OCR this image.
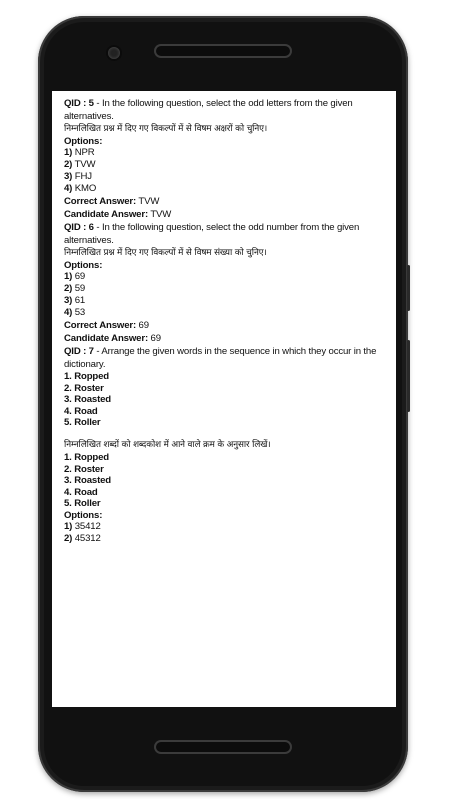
QID : 5 - In the following question, select the odd letters from the given alternatives.
निम्नलिखित प्रश्न में दिए गए विकल्पों में से विषम अक्षरों को चुनिए।
Options:
1) NPR
2) TVW
3) FHJ
4) KMO
Correct Answer: TVW
Candidate Answer: TVW
QID : 6 - In the following question, select the odd number from the given alternatives.
निम्नलिखित प्रश्न में दिए गए विकल्पों में से विषम संख्या को चुनिए।
Options:
1) 69
2) 59
3) 61
4) 53
Correct Answer: 69
Candidate Answer: 69
QID : 7 - Arrange the given words in the sequence in which they occur in the dictionary.
1. Ropped
2. Roster
3. Roasted
4. Road
5. Roller
निम्नलिखित शब्दों को शब्दकोश में आने वाले क्रम के अनुसार लिखें।
1. Ropped
2. Roster
3. Roasted
4. Road
5. Roller
Options:
1) 35412
2) 45312
